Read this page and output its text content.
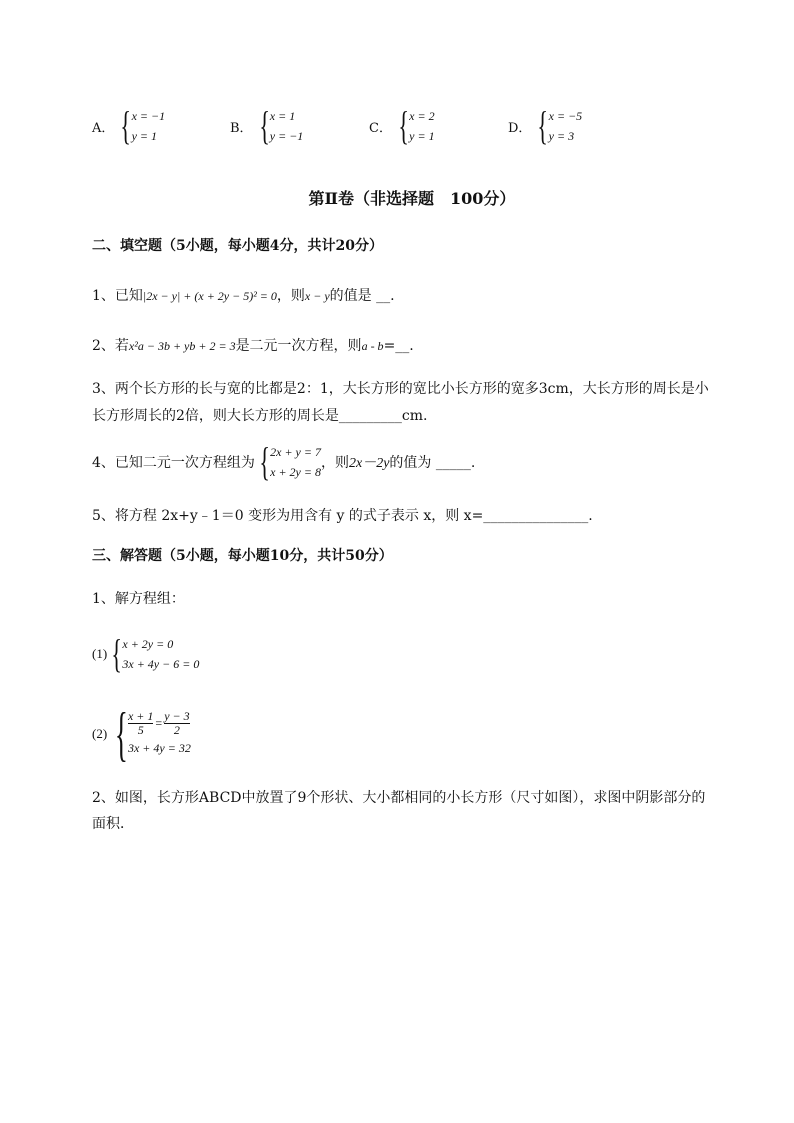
A． { x = −1
y = 1
B． { x = 1
y = −1
C． { x = 2
y = 1
D． { x = −5
y = 3
第Ⅱ卷（非选择题　100分）
二、填空题（5小题，每小题4分，共计20分）
1、已知|2x − y| + (x + 2y − 5)² = 0，则x − y的值是 __.
2、若x²a − 3b + yb + 2 = 3是二元一次方程，则a - b=__.
3、两个长方形的长与宽的比都是2：1，大长方形的宽比小长方形的宽多3cm，大长方形的周长是小
长方形周长的2倍，则大长方形的周长是_________cm.
4、已知二元一次方程组为 { 2x + y = 7
x + 2y = 8
，则 2x－2y 的值为 _____.
5、将方程 2x+y﹣1＝0 变形为用含有 y 的式子表示 x，则 x=_______________.
三、解答题（5小题，每小题10分，共计50分）
1、解方程组：
(1) { x + 2y = 0
3x + 4y − 6 = 0
(2) { $\frac{x + 1}{5} = \frac{y - 3}{2}$
3x + 4y = 32
2、如图，长方形ABCD中放置了9个形状、大小都相同的小长方形（尺寸如图），求图中阴影部分的
面积．
